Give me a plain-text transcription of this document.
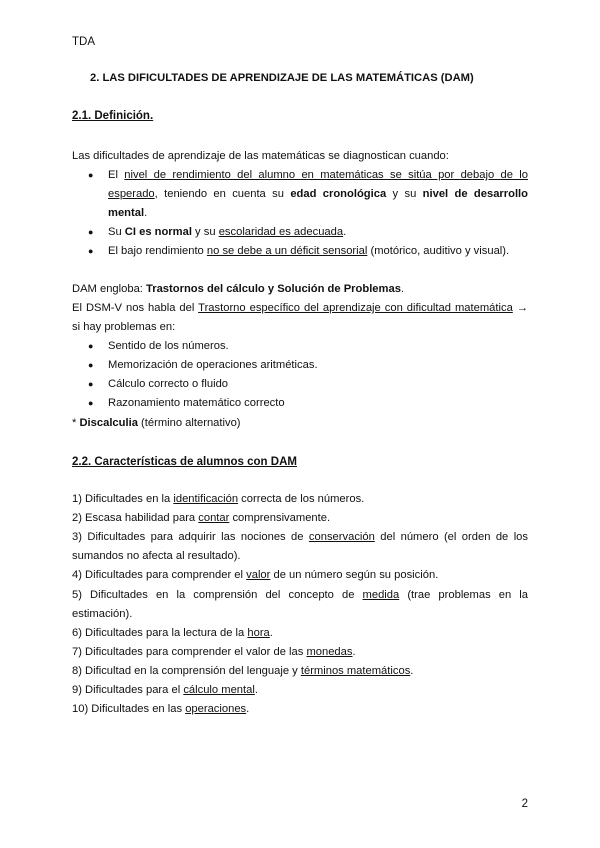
TDA
2. LAS DIFICULTADES DE APRENDIZAJE DE LAS MATEMÁTICAS (DAM)
2.1. Definición.
Las dificultades de aprendizaje de las matemáticas se diagnostican cuando:
● El nivel de rendimiento del alumno en matemáticas se sitúa por debajo de lo esperado, teniendo en cuenta su edad cronológica y su nivel de desarrollo mental.
● Su CI es normal y su escolaridad es adecuada.
● El bajo rendimiento no se debe a un déficit sensorial (motórico, auditivo y visual).
DAM engloba: Trastornos del cálculo y Solución de Problemas.
El DSM-V nos habla del Trastorno específico del aprendizaje con dificultad matemática → si hay problemas en:
● Sentido de los números.
● Memorización de operaciones aritméticas.
● Cálculo correcto o fluido
● Razonamiento matemático correcto
* Discalculia (término alternativo)
2.2. Características de alumnos con DAM
1) Dificultades en la identificación correcta de los números.
2) Escasa habilidad para contar comprensivamente.
3) Dificultades para adquirir las nociones de conservación del número (el orden de los sumandos no afecta al resultado).
4) Dificultades para comprender el valor de un número según su posición.
5) Dificultades en la comprensión del concepto de medida (trae problemas en la estimación).
6) Dificultades para la lectura de la hora.
7) Dificultades para comprender el valor de las monedas.
8) Dificultad en la comprensión del lenguaje y términos matemáticos.
9) Dificultades para el cálculo mental.
10) Dificultades en las operaciones.
2
